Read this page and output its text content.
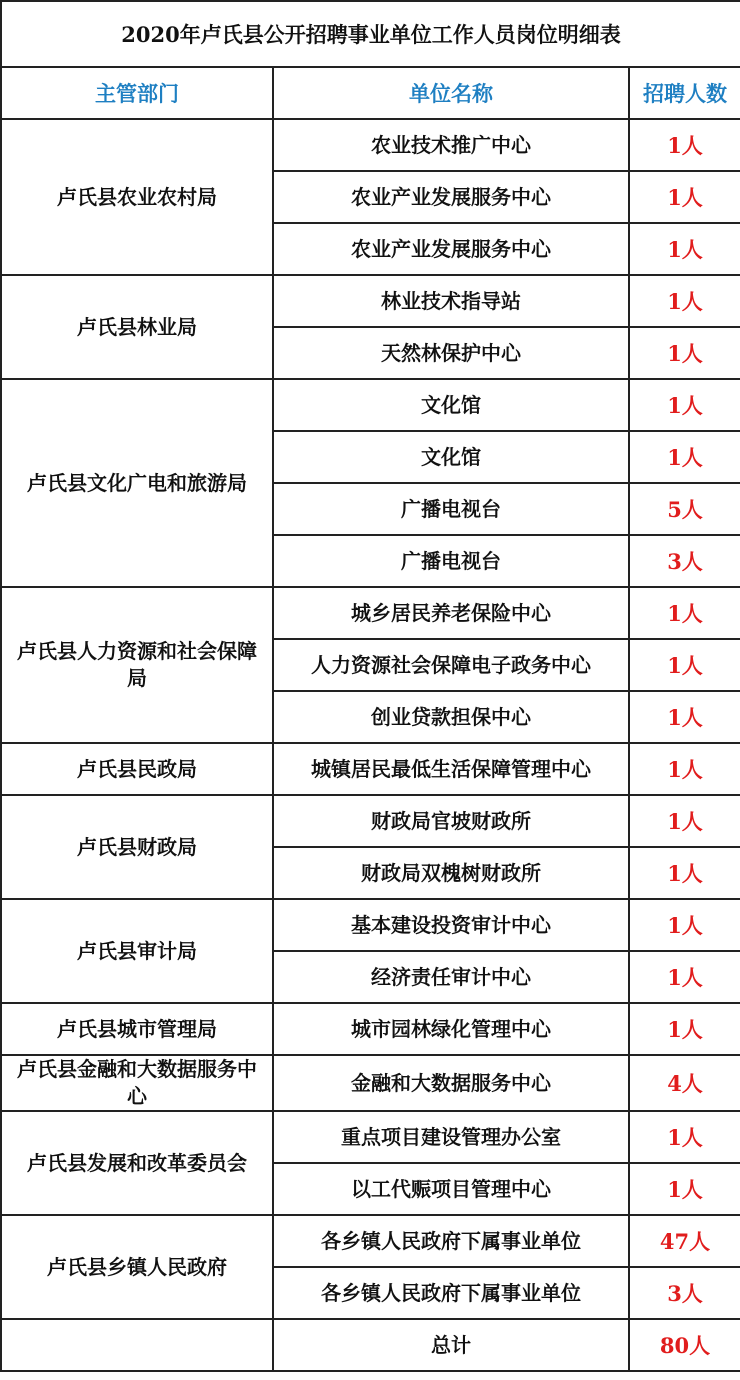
2020年卢氏县公开招聘事业单位工作人员岗位明细表		
主管部门	单位名称	招聘人数
卢氏县农业农村局	农业技术推广中心	1人
	农业产业发展服务中心	1人
	农业产业发展服务中心	1人
卢氏县林业局	林业技术指导站	1人
	天然林保护中心	1人
卢氏县文化广电和旅游局	文化馆	1人
	文化馆	1人
	广播电视台	5人
	广播电视台	3人
卢氏县人力资源和社会保障局	城乡居民养老保险中心	1人
	人力资源社会保障电子政务中心	1人
	创业贷款担保中心	1人
卢氏县民政局	城镇居民最低生活保障管理中心	1人
卢氏县财政局	财政局官坡财政所	1人
	财政局双槐树财政所	1人
卢氏县审计局	基本建设投资审计中心	1人
	经济责任审计中心	1人
卢氏县城市管理局	城市园林绿化管理中心	1人
卢氏县金融和大数据服务中心	金融和大数据服务中心	4人
卢氏县发展和改革委员会	重点项目建设管理办公室	1人
	以工代赈项目管理中心	1人
卢氏县乡镇人民政府	各乡镇人民政府下属事业单位	47人
	各乡镇人民政府下属事业单位	3人
	总计	80人
